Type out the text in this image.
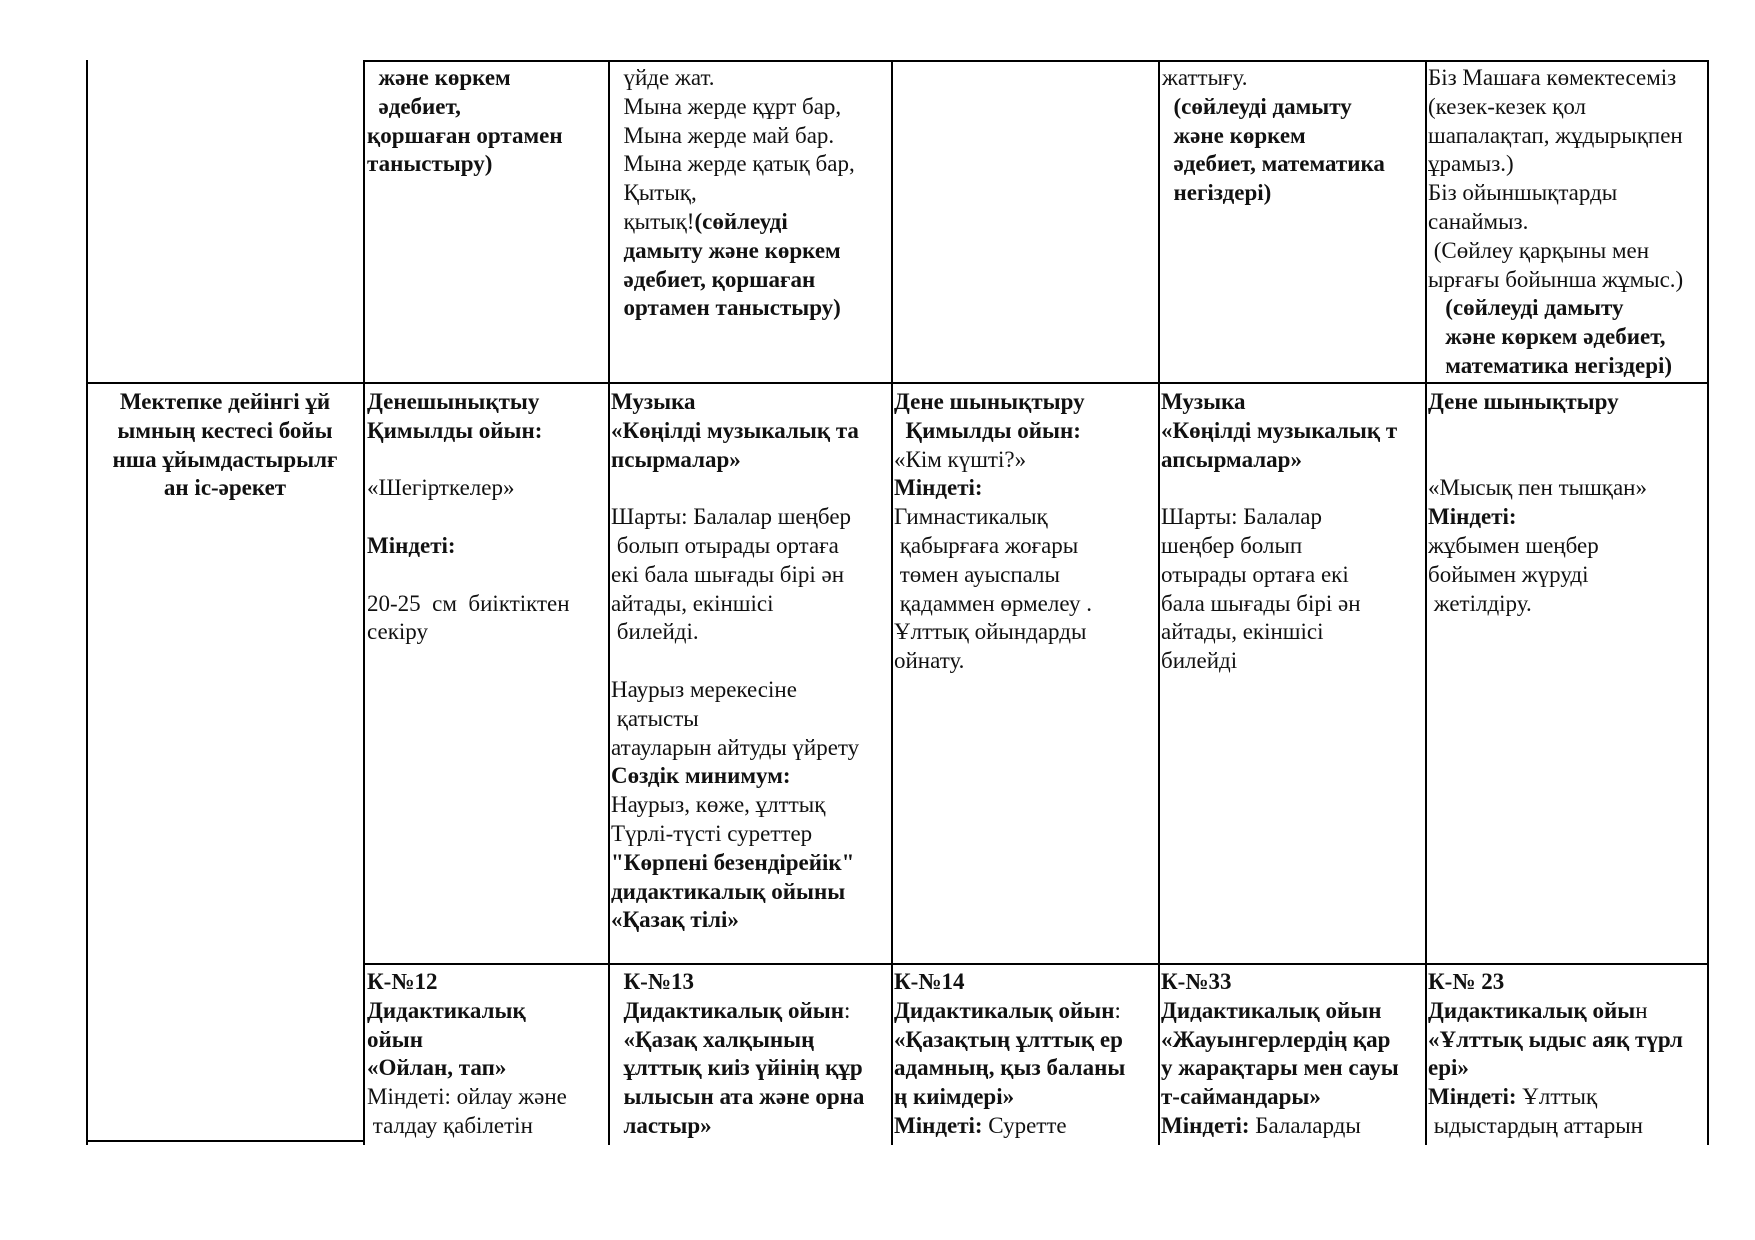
және көркем
әдебиет,
қоршаған ортамен
таныстыру)
үйде жат.
Мына жерде құрт бар,
Мына жерде май бар.
Мына жерде қатық бар,
Қытық,
қытық!(сөйлеуді
дамыту және көркем
әдебиет, қоршаған
ортамен таныстыру)
жаттығу.
(сөйлеуді дамыту
және көркем
әдебиет, математика
негіздері)
Біз Машаға көмектесеміз
(кезек-кезек қол
шапалақтап, жұдырықпен
ұрамыз.)
Біз ойыншықтарды
санаймыз.
(Сөйлеу қарқыны мен
ырғағы бойынша жұмыс.)
(сөйлеуді дамыту
және көркем әдебиет,
математика негіздері)
Мектепке дейінгі ұй
ымның кестесі бойы
нша ұйымдастырылғ
ан іс-әрекет
Денешынықтыу
Қимылды ойын:

«Шегірткелер»

Міндеті:

20-25  см  биіктіктен
секіру
Музыка
«Көңілді музыкалық та
псырмалар»

Шарты: Балалар шеңбер
болып отырады ортаға
екі бала шығады бірі ән
айтады, екіншісі
билейді.

Наурыз мерекесіне
қатысты
атауларын айтуды үйрету
Сөздік минимум:
Наурыз, көже, ұлттық
Түрлі-түсті суреттер
"Көрпені безендірейік"
дидактикалық ойыны
«Қазақ тілі»
Дене шынықтыру
Қимылды ойын:
«Кім күшті?»
Міндеті:
Гимнастикалық
қабырғаға жоғары
төмен ауыспалы
қадаммен өрмелеу .
Ұлттық ойындарды
ойнату.
Музыка
«Көңілді музыкалық т
апсырмалар»

Шарты: Балалар
шеңбер болып
отырады ортаға екі
бала шығады бірі ән
айтады, екіншісі
билейді
Дене шынықтыру

«Мысық пен тышқан»
Міндеті:
жұбымен шеңбер
бойымен жүруді
жетілдіру.
К-№12
Дидактикалық
ойын
«Ойлан, тап»
Міндеті: ойлау және
талдау қабілетін
К-№13
Дидактикалық ойын:
«Қазақ халқының
ұлттық киіз үйінің құр
ылысын ата және орна
ластыр»
К-№14
Дидактикалық ойын:
«Қазақтың ұлттық ер
адамның, қыз баланы
ң киімдері»
Міндеті: Суретте
К-№33
Дидактикалық ойын
«Жауынгерлердің қар
у жарақтары мен сауы
т-саймандары»
Міндеті: Балаларды
К-№ 23
Дидактикалық ойын
«Ұлттық ыдыс аяқ түрл
ері»
Міндеті: Ұлттық
ыдыстардың аттарын
